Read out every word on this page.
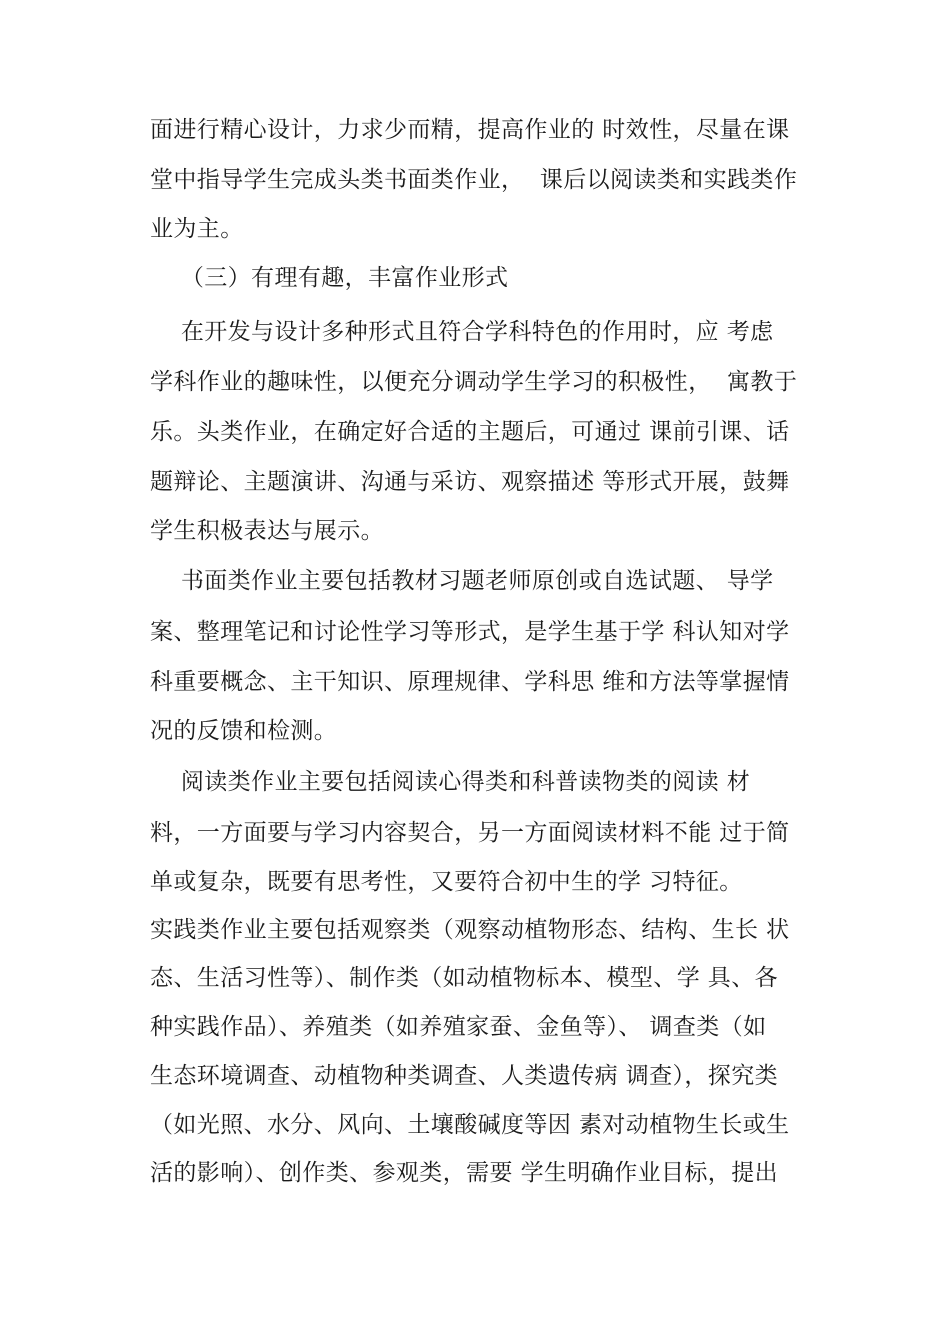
面进行精心设计，力求少而精，提高作业的 时效性，尽量在课
堂中指导学生完成头类书面类作业，  课后以阅读类和实践类作
业为主。
（三）有理有趣，丰富作业形式
在开发与设计多种形式且符合学科特色的作用时，应 考虑
学科作业的趣味性，以便充分调动学生学习的积极性，  寓教于
乐。头类作业，在确定好合适的主题后，可通过 课前引课、话
题辩论、主题演讲、沟通与采访、观察描述 等形式开展，鼓舞
学生积极表达与展示。
书面类作业主要包括教材习题老师原创或自选试题、 导学
案、整理笔记和讨论性学习等形式，是学生基于学 科认知对学
科重要概念、主干知识、原理规律、学科思 维和方法等掌握情
况的反馈和检测。
阅读类作业主要包括阅读心得类和科普读物类的阅读 材
料，一方面要与学习内容契合，另一方面阅读材料不能 过于简
单或复杂，既要有思考性，又要符合初中生的学 习特征。
实践类作业主要包括观察类（观察动植物形态、结构、生长 状
态、生活习性等）、制作类（如动植物标本、模型、学 具、各
种实践作品）、养殖类（如养殖家蚕、金鱼等）、 调查类（如
生态环境调查、动植物种类调查、人类遗传病 调查），探究类
（如光照、水分、风向、土壤酸碱度等因 素对动植物生长或生
活的影响）、创作类、参观类，需要 学生明确作业目标，提出
